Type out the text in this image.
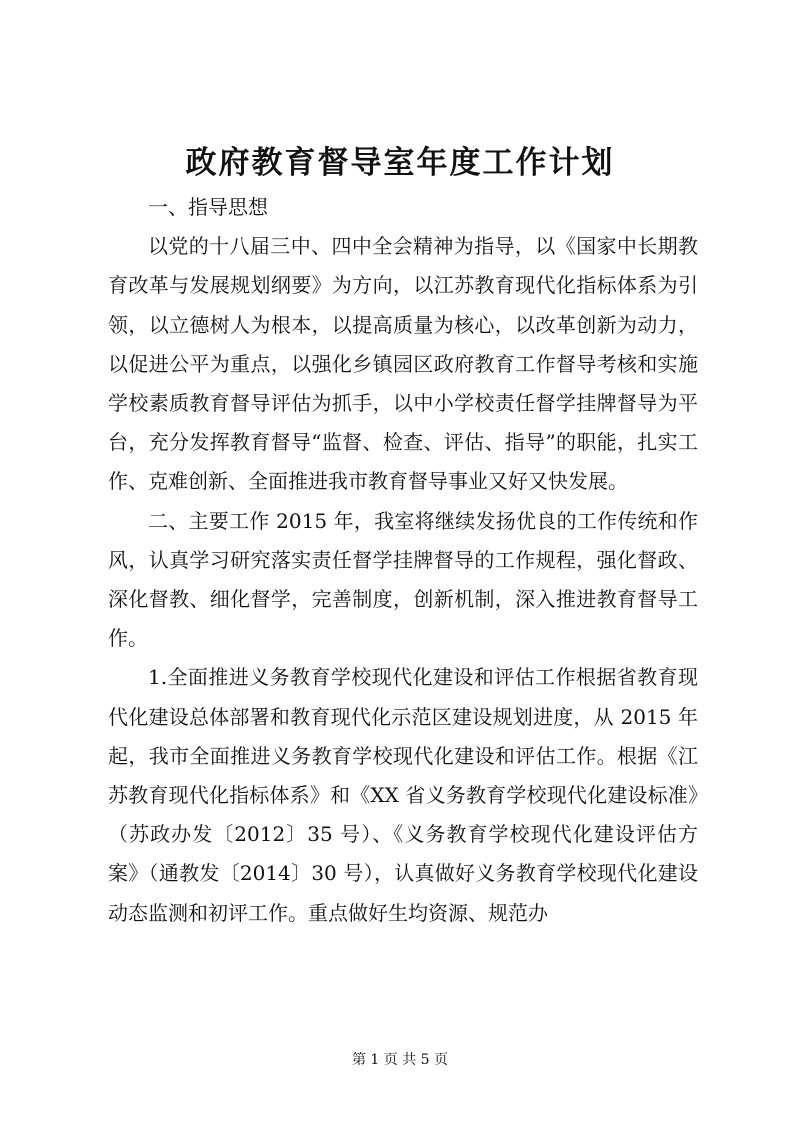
政府教育督导室年度工作计划

一、指导思想

以党的十八届三中、四中全会精神为指导，以《国家中长期教育改革与发展规划纲要》为方向，以江苏教育现代化指标体系为引领，以立德树人为根本，以提高质量为核心，以改革创新为动力，以促进公平为重点，以强化乡镇园区政府教育工作督导考核和实施学校素质教育督导评估为抓手，以中小学校责任督学挂牌督导为平台，充分发挥教育督导“监督、检查、评估、指导”的职能，扎实工作、克难创新、全面推进我市教育督导事业又好又快发展。

二、主要工作 2015 年，我室将继续发扬优良的工作传统和作风，认真学习研究落实责任督学挂牌督导的工作规程，强化督政、深化督教、细化督学，完善制度，创新机制，深入推进教育督导工作。

1.全面推进义务教育学校现代化建设和评估工作根据省教育现代化建设总体部署和教育现代化示范区建设规划进度，从 2015 年起，我市全面推进义务教育学校现代化建设和评估工作。根据《江苏教育现代化指标体系》和《XX 省义务教育学校现代化建设标准》（苏政办发〔2012〕35 号）、《义务教育学校现代化建设评估方案》（通教发〔2014〕30 号），认真做好义务教育学校现代化建设动态监测和初评工作。重点做好生均资源、规范办

第 1 页 共 5 页
